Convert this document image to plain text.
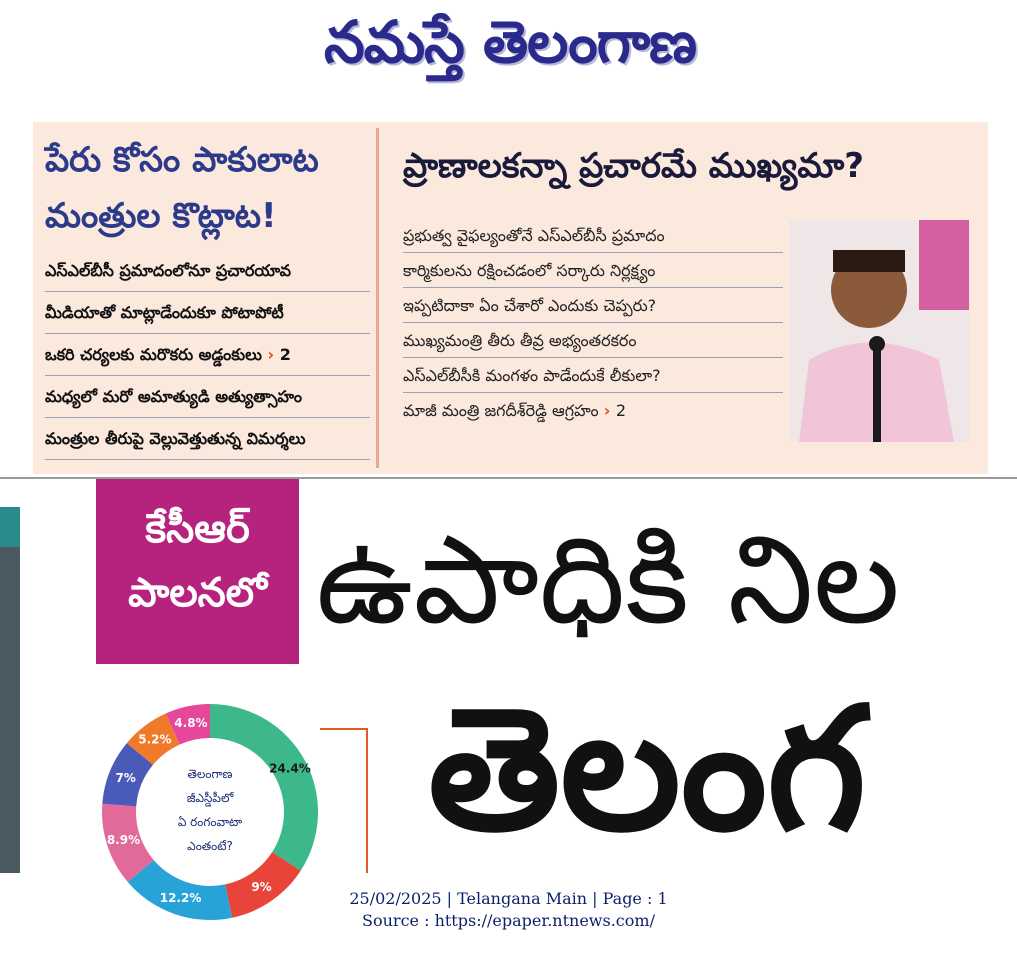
నమస్తే తెలంగాణ
పేరు కోసం పాకులాట మంత్రుల కొట్లాట!
ఎస్‌ఎల్‌బీసీ ప్రమాదంలోనూ ప్రచారయావ
మీడియాతో మాట్లాడేందుకూ పోటాపోటీ
ఒకరి చర్యలకు మరొకరు అడ్డంకులు › 2
మధ్యలో మరో అమాత్యుడి అత్యుత్సాహం
మంత్రుల తీరుపై వెల్లువెత్తుతున్న విమర్శలు
ప్రాణాలకన్నా ప్రచారమే ముఖ్యమా?
ప్రభుత్వ వైఫల్యంతోనే ఎస్‌ఎల్‌బీసీ ప్రమాదం
కార్మికులను రక్షించడంలో సర్కారు నిర్లక్ష్యం
ఇప్పటిదాకా ఏం చేశారో ఎందుకు చెప్పరు?
ముఖ్యమంత్రి తీరు తీవ్ర అభ్యంతరకరం
ఎస్‌ఎల్‌బీసీకి మంగళం పాడేందుకే లీకులా?
మాజీ మంత్రి జగదీశ్‌రెడ్డి ఆగ్రహం › 2
కేసీఆర్
పాలనలో ఉపాధికి నిల
తెలంగ
24.4%
9%
12.2%
8.9%
7%
5.2%
4.8%
తెలంగాణ
జీఎస్డీపీలో
ఏ రంగంవాటా
ఎంతంటే?
25/02/2025 | Telangana Main | Page : 1
Source : https://epaper.ntnews.com/
